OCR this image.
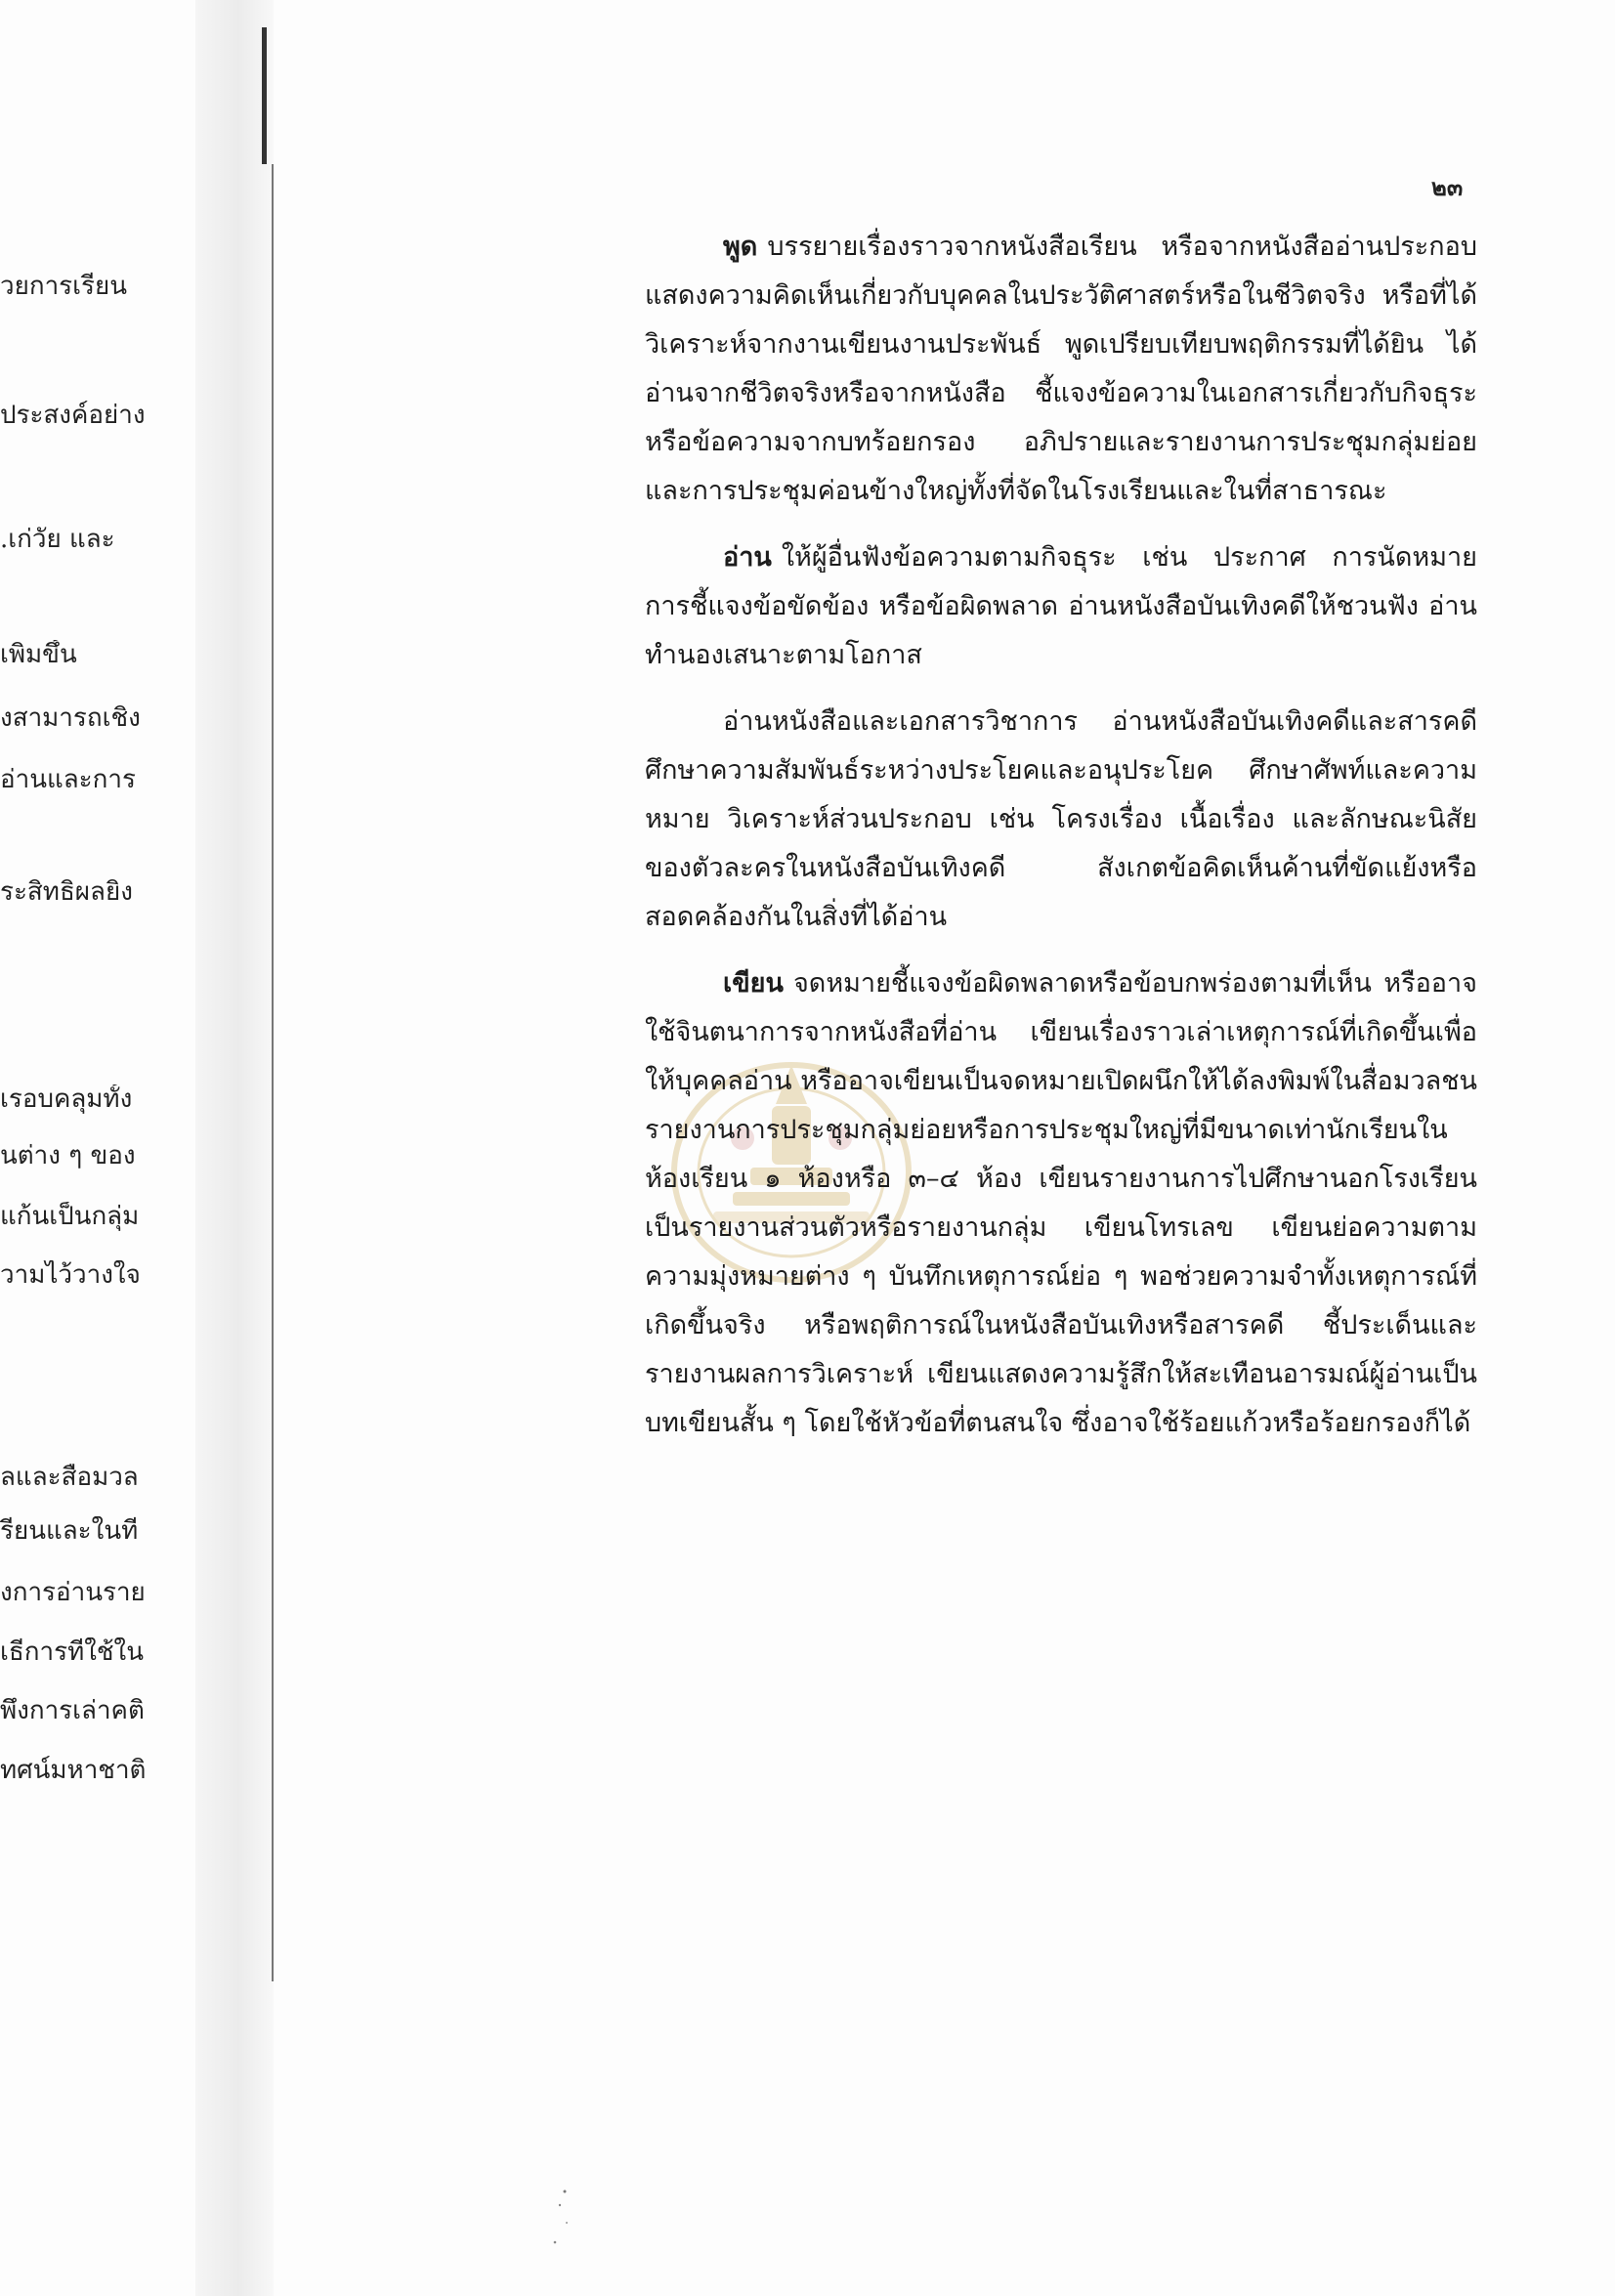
วยการเรียน
ประสงค์อย่าง
.เก่วัย และ
เพิ่มขึ้น
งสามารถเชิง
อ่านและการ
ระสิทธิผลยิ่ง
เรอบคลุมทั้ง
นต่าง ๆ ของ
แก้นเป็นกลุ่ม
วามไว้วางใจ
ลและสื่อมวล
รียนและในที่
งการอ่านราย
เธีการที่ใช้ใน
พึงการเล่าคติ
ทศน์มหาชาติ
๒๓

พูด บรรยายเรื่องราวจากหนังสือเรียน หรือจากหนังสืออ่านประกอบ แสดงความคิดเห็นเกี่ยวกับบุคคลในประวัติศาสตร์หรือในชีวิตจริง หรือที่ได้วิเคราะห์จากงานเขียนงานประพันธ์ พูดเปรียบเทียบพฤติกรรมที่ได้ยิน ได้อ่านจากชีวิตจริงหรือจากหนังสือ ชี้แจงข้อความในเอกสารเกี่ยวกับกิจธุระ หรือข้อความจากบทร้อยกรอง อภิปรายและรายงานการประชุมกลุ่มย่อยและการประชุมค่อนข้างใหญ่ทั้งที่จัดในโรงเรียนและในที่สาธารณะ

อ่าน ให้ผู้อื่นฟังข้อความตามกิจธุระ เช่น ประกาศ การนัดหมาย การชี้แจงข้อขัดข้อง หรือข้อผิดพลาด อ่านหนังสือบันเทิงคดีให้ชวนฟัง อ่านทำนองเสนาะตามโอกาส

อ่านหนังสือและเอกสารวิชาการ อ่านหนังสือบันเทิงคดีและสารคดี ศึกษาความสัมพันธ์ระหว่างประโยคและอนุประโยค ศึกษาศัพท์และความหมาย วิเคราะห์ส่วนประกอบ เช่น โครงเรื่อง เนื้อเรื่อง และลักษณะนิสัยของตัวละครในหนังสือบันเทิงคดี สังเกตข้อคิดเห็นค้านที่ขัดแย้งหรือสอดคล้องกันในสิ่งที่ได้อ่าน

เขียน จดหมายชี้แจงข้อผิดพลาดหรือข้อบกพร่องตามที่เห็น หรืออาจใช้จินตนาการจากหนังสือที่อ่าน เขียนเรื่องราวเล่าเหตุการณ์ที่เกิดขึ้นเพื่อให้บุคคลอ่าน หรืออาจเขียนเป็นจดหมายเปิดผนึกให้ได้ลงพิมพ์ในสื่อมวลชน รายงานการประชุมกลุ่มย่อยหรือการประชุมใหญ่ที่มีขนาดเท่านักเรียนในห้องเรียน ๑ ห้องหรือ ๓–๔ ห้อง เขียนรายงานการไปศึกษานอกโรงเรียนเป็นรายงานส่วนตัวหรือรายงานกลุ่ม เขียนโทรเลข เขียนย่อความตามความมุ่งหมายต่าง ๆ บันทึกเหตุการณ์ย่อ ๆ พอช่วยความจำทั้งเหตุการณ์ที่เกิดขึ้นจริง หรือพฤติการณ์ในหนังสือบันเทิงหรือสารคดี ชี้ประเด็นและรายงานผลการวิเคราะห์ เขียนแสดงความรู้สึกให้สะเทือนอารมณ์ผู้อ่านเป็นบทเขียนสั้น ๆ โดยใช้หัวข้อที่ตนสนใจ ซึ่งอาจใช้ร้อยแก้วหรือร้อยกรองก็ได้
